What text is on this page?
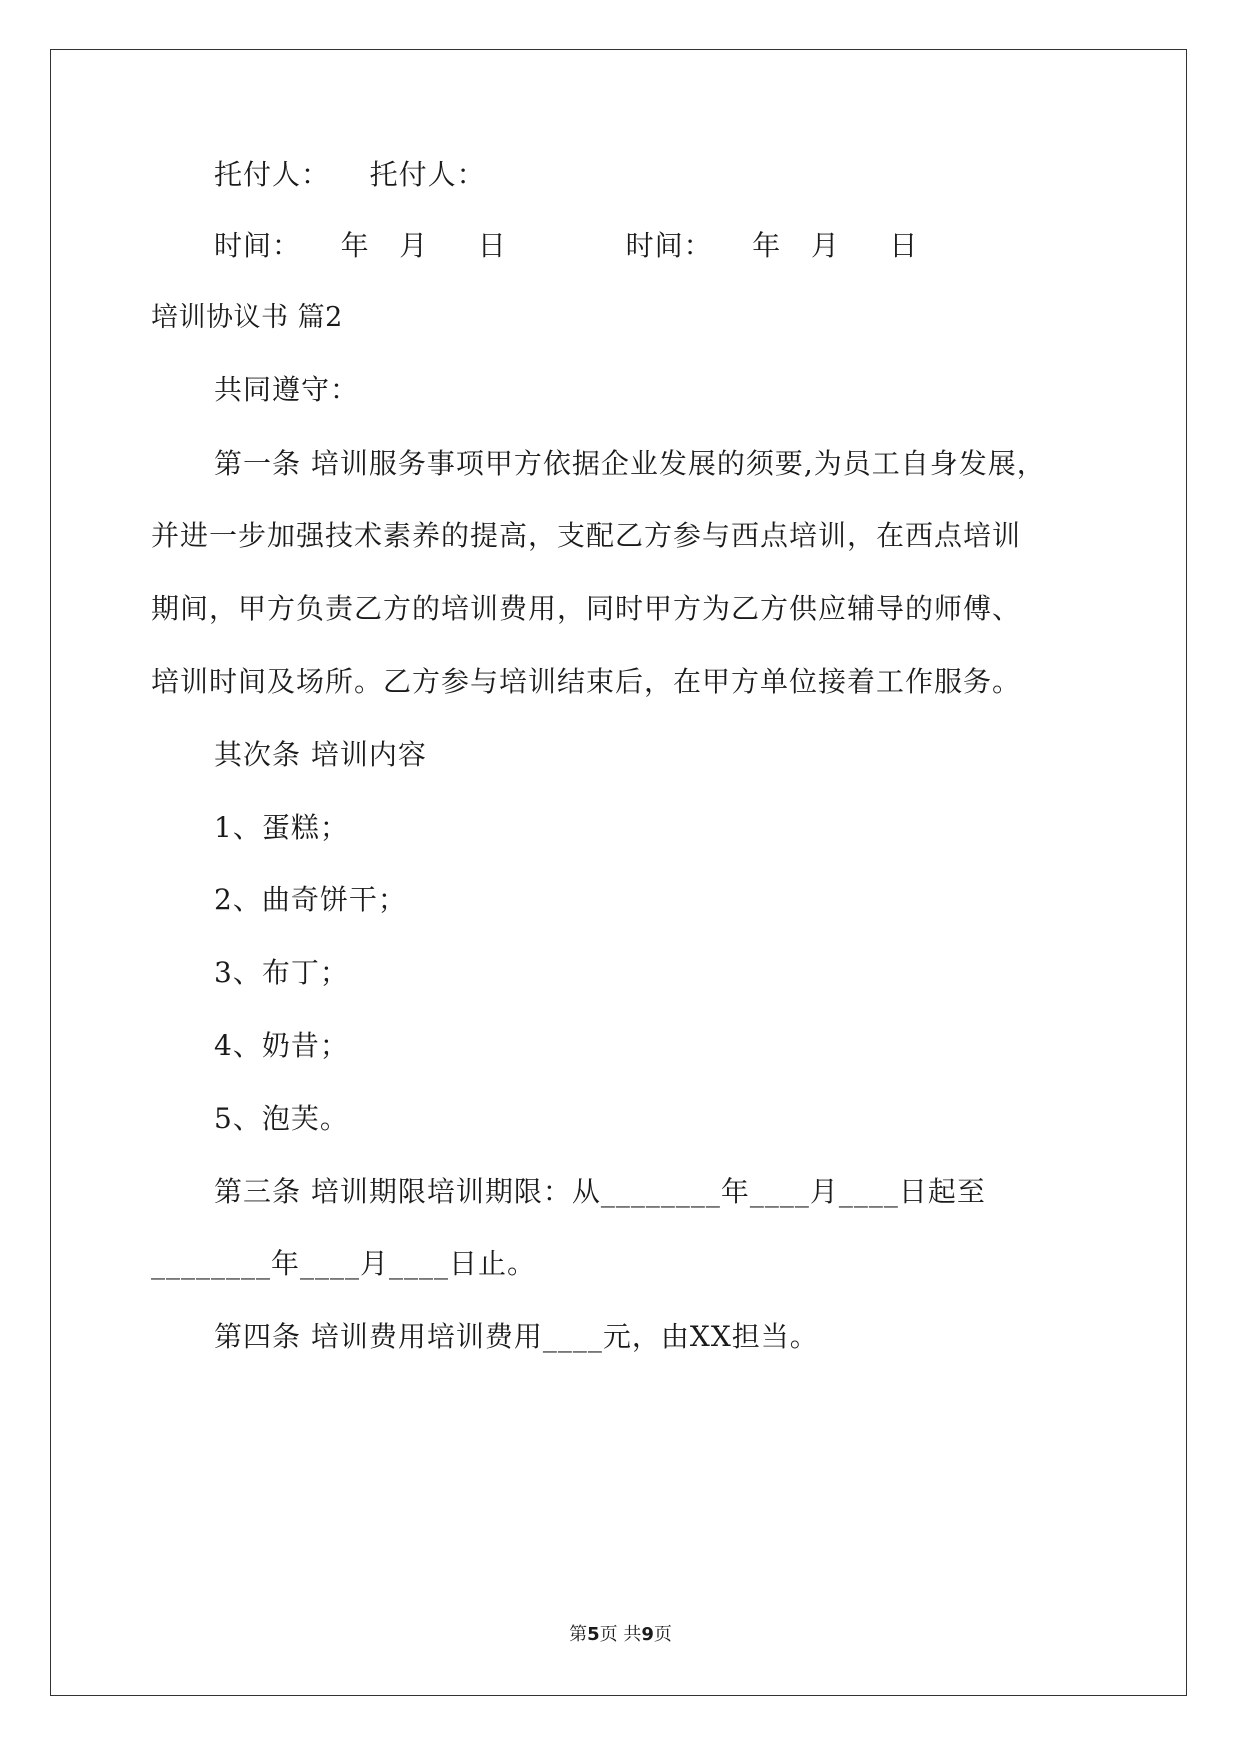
托付人：    托付人：
时间：    年   月     日            时间：    年   月     日
培训协议书 篇2
共同遵守：
第一条 培训服务事项甲方依据企业发展的须要,为员工自身发展，
并进一步加强技术素养的提高，支配乙方参与西点培训，在西点培训
期间，甲方负责乙方的培训费用，同时甲方为乙方供应辅导的师傅、
培训时间及场所。乙方参与培训结束后，在甲方单位接着工作服务。
其次条 培训内容
1、蛋糕；
2、曲奇饼干；
3、布丁；
4、奶昔；
5、泡芙。
第三条 培训期限培训期限：从________年____月____日起至
________年____月____日止。
第四条 培训费用培训费用____元，由XX担当。
第5页 共9页
